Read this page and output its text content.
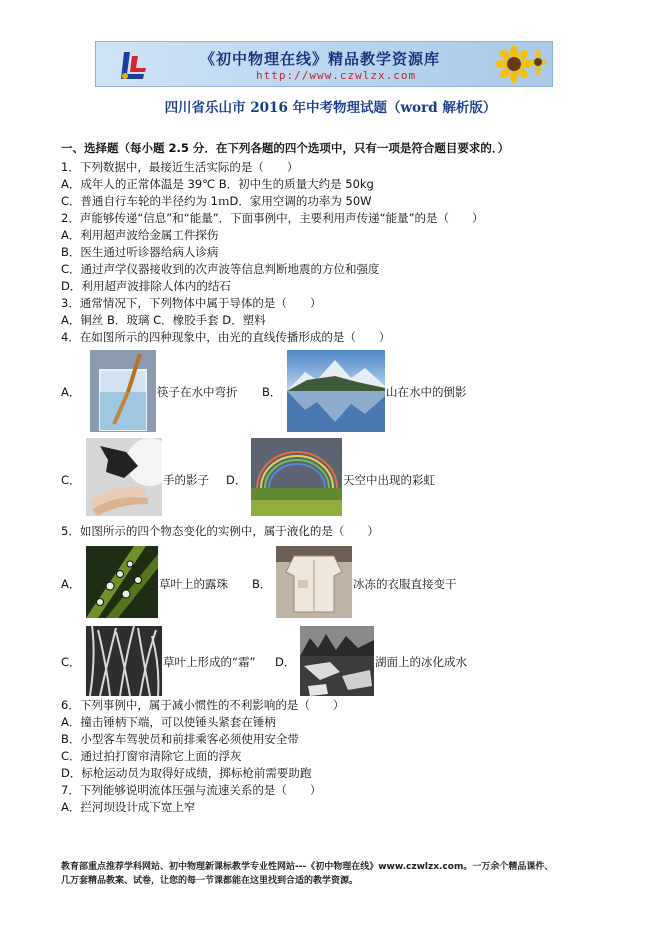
《初中物理在线》精品教学资源库
http://www.czwlzx.com
四川省乐山市 2016 年中考物理试题（word 解析版）
一、选择题（每小题 2.5 分．在下列各题的四个选项中，只有一项是符合题目要求的．）
1．下列数据中，最接近生活实际的是（　　）
A．成年人的正常体温是 39℃ B．初中生的质量大约是 50kg
C．普通自行车轮的半径约为 1ｍD．家用空调的功率为 50W
2．声能够传递“信息”和“能量”．下面事例中，主要利用声传递“能量”的是（　　）
A．利用超声波给金属工件探伤
B．医生通过听诊器给病人诊病
C．通过声学仪器接收到的次声波等信息判断地震的方位和强度
D．利用超声波排除人体内的结石
3．通常情况下，下列物体中属于导体的是（　　）
A．铜丝 B．玻璃 C．橡胶手套 D．塑料
4．在如图所示的四种现象中，由光的直线传播形成的是（　　）
A．	筷子在水中弯折 B．	山在水中的倒影
C．	手的影子 D．	天空中出现的彩虹
5．如图所示的四个物态变化的实例中，属于液化的是（　　）
A．	草叶上的露珠 B．	冰冻的衣服直接变干
C．	草叶上形成的“霜” D．	湖面上的冰化成水
6．下列事例中，属于减小惯性的不利影响的是（　　）
A．撞击锤柄下端，可以使锤头紧套在锤柄
B．小型客车驾驶员和前排乘客必须使用安全带
C．通过拍打窗帘清除它上面的浮灰
D．标枪运动员为取得好成绩，掷标枪前需要助跑
7．下列能够说明流体压强与流速关系的是（　　）
A．拦河坝设计成下宽上窄
教育部重点推荐学科网站、初中物理新课标教学专业性网站---《初中物理在线》www.czwlzx.com。一万余个精品课件、
几万套精品教案、试卷，让您的每一节课都能在这里找到合适的教学资源。
